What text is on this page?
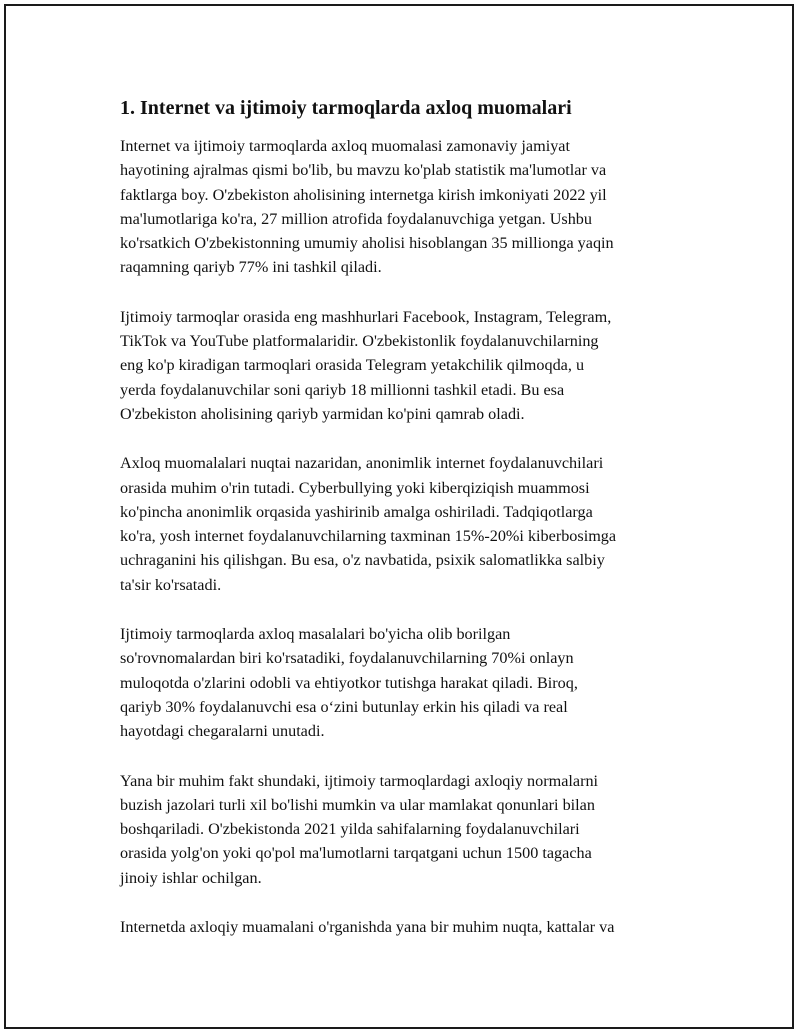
1. Internet va ijtimoiy tarmoqlarda axloq muomalari

Internet va ijtimoiy tarmoqlarda axloq muomalasi zamonaviy jamiyat
hayotining ajralmas qismi bo'lib, bu mavzu ko'plab statistik ma'lumotlar va
faktlarga boy. O'zbekiston aholisining internetga kirish imkoniyati 2022 yil
ma'lumotlariga ko'ra, 27 million atrofida foydalanuvchiga yetgan. Ushbu
ko'rsatkich O'zbekistonning umumiy aholisi hisoblangan 35 millionga yaqin
raqamning qariyb 77% ini tashkil qiladi.

Ijtimoiy tarmoqlar orasida eng mashhurlari Facebook, Instagram, Telegram,
TikTok va YouTube platformalaridir. O'zbekistonlik foydalanuvchilarning
eng ko'p kiradigan tarmoqlari orasida Telegram yetakchilik qilmoqda, u
yerda foydalanuvchilar soni qariyb 18 millionni tashkil etadi. Bu esa
O'zbekiston aholisining qariyb yarmidan ko'pini qamrab oladi.

Axloq muomalalari nuqtai nazaridan, anonimlik internet foydalanuvchilari
orasida muhim o'rin tutadi. Cyberbullying yoki kiberqiziqish muammosi
ko'pincha anonimlik orqasida yashirinib amalga oshiriladi. Tadqiqotlarga
ko'ra, yosh internet foydalanuvchilarning taxminan 15%-20%i kiberbosimga
uchraganini his qilishgan. Bu esa, o'z navbatida, psixik salomatlikka salbiy
ta'sir ko'rsatadi.

Ijtimoiy tarmoqlarda axloq masalalari bo'yicha olib borilgan
so'rovnomalardan biri ko'rsatadiki, foydalanuvchilarning 70%i onlayn
muloqotda o'zlarini odobli va ehtiyotkor tutishga harakat qiladi. Biroq,
qariyb 30% foydalanuvchi esa o‘zini butunlay erkin his qiladi va real
hayotdagi chegaralarni unutadi.

Yana bir muhim fakt shundaki, ijtimoiy tarmoqlardagi axloqiy normalarni
buzish jazolari turli xil bo'lishi mumkin va ular mamlakat qonunlari bilan
boshqariladi. O'zbekistonda 2021 yilda sahifalarning foydalanuvchilari
orasida yolg'on yoki qo'pol ma'lumotlarni tarqatgani uchun 1500 tagacha
jinoiy ishlar ochilgan.

Internetda axloqiy muamalani o'rganishda yana bir muhim nuqta, kattalar va
